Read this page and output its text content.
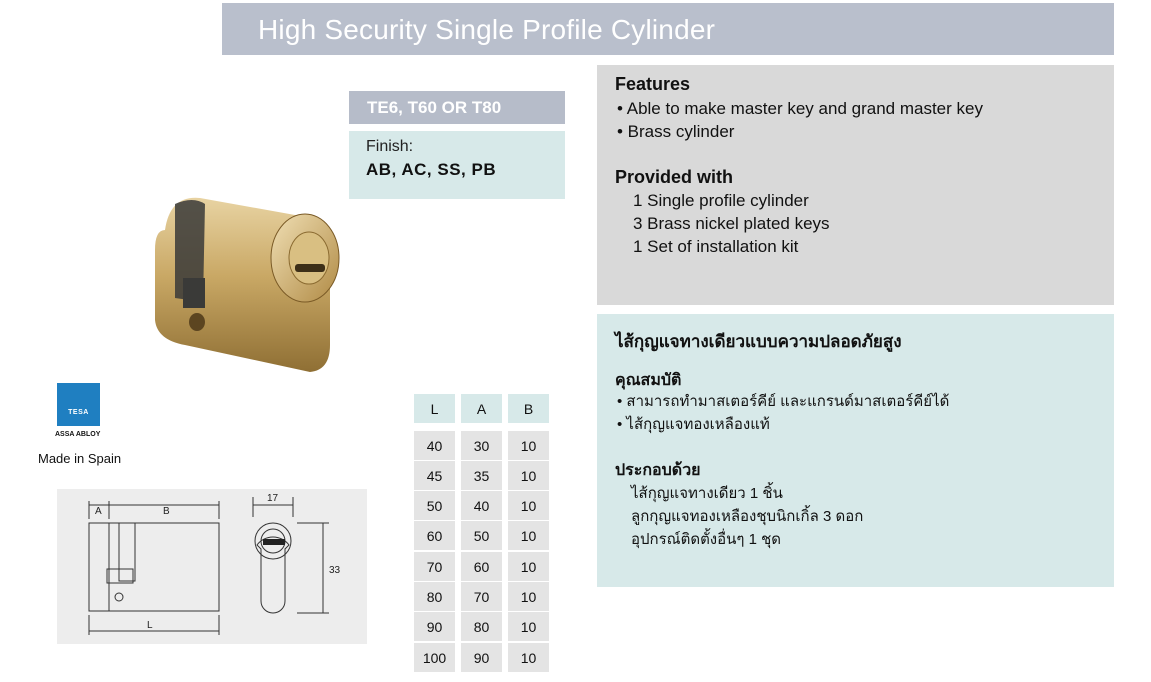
High Security Single Profile Cylinder
TE6, T60 OR T80
Finish:
AB, AC, SS, PB
TESA
ASSA ABLOY
Made in Spain
A	B
L
17
33
L	A	B
40	30	10
45	35	10
50	40	10
60	50	10
70	60	10
80	70	10
90	80	10
100	90	10
Features
• Able to make master key and grand master key
• Brass cylinder
Provided with
1 Single profile cylinder
3 Brass nickel plated keys
1 Set of installation kit
ไส้กุญแจทางเดียวแบบความปลอดภัยสูง
คุณสมบัติ
• สามารถทำมาสเตอร์คีย์ และแกรนด์มาสเตอร์คีย์ได้
• ไส้กุญแจทองเหลืองแท้
ประกอบด้วย
ไส้กุญแจทางเดียว 1 ชิ้น
ลูกกุญแจทองเหลืองชุบนิกเกิ้ล 3 ดอก
อุปกรณ์ติดตั้งอื่นๆ 1 ชุด
